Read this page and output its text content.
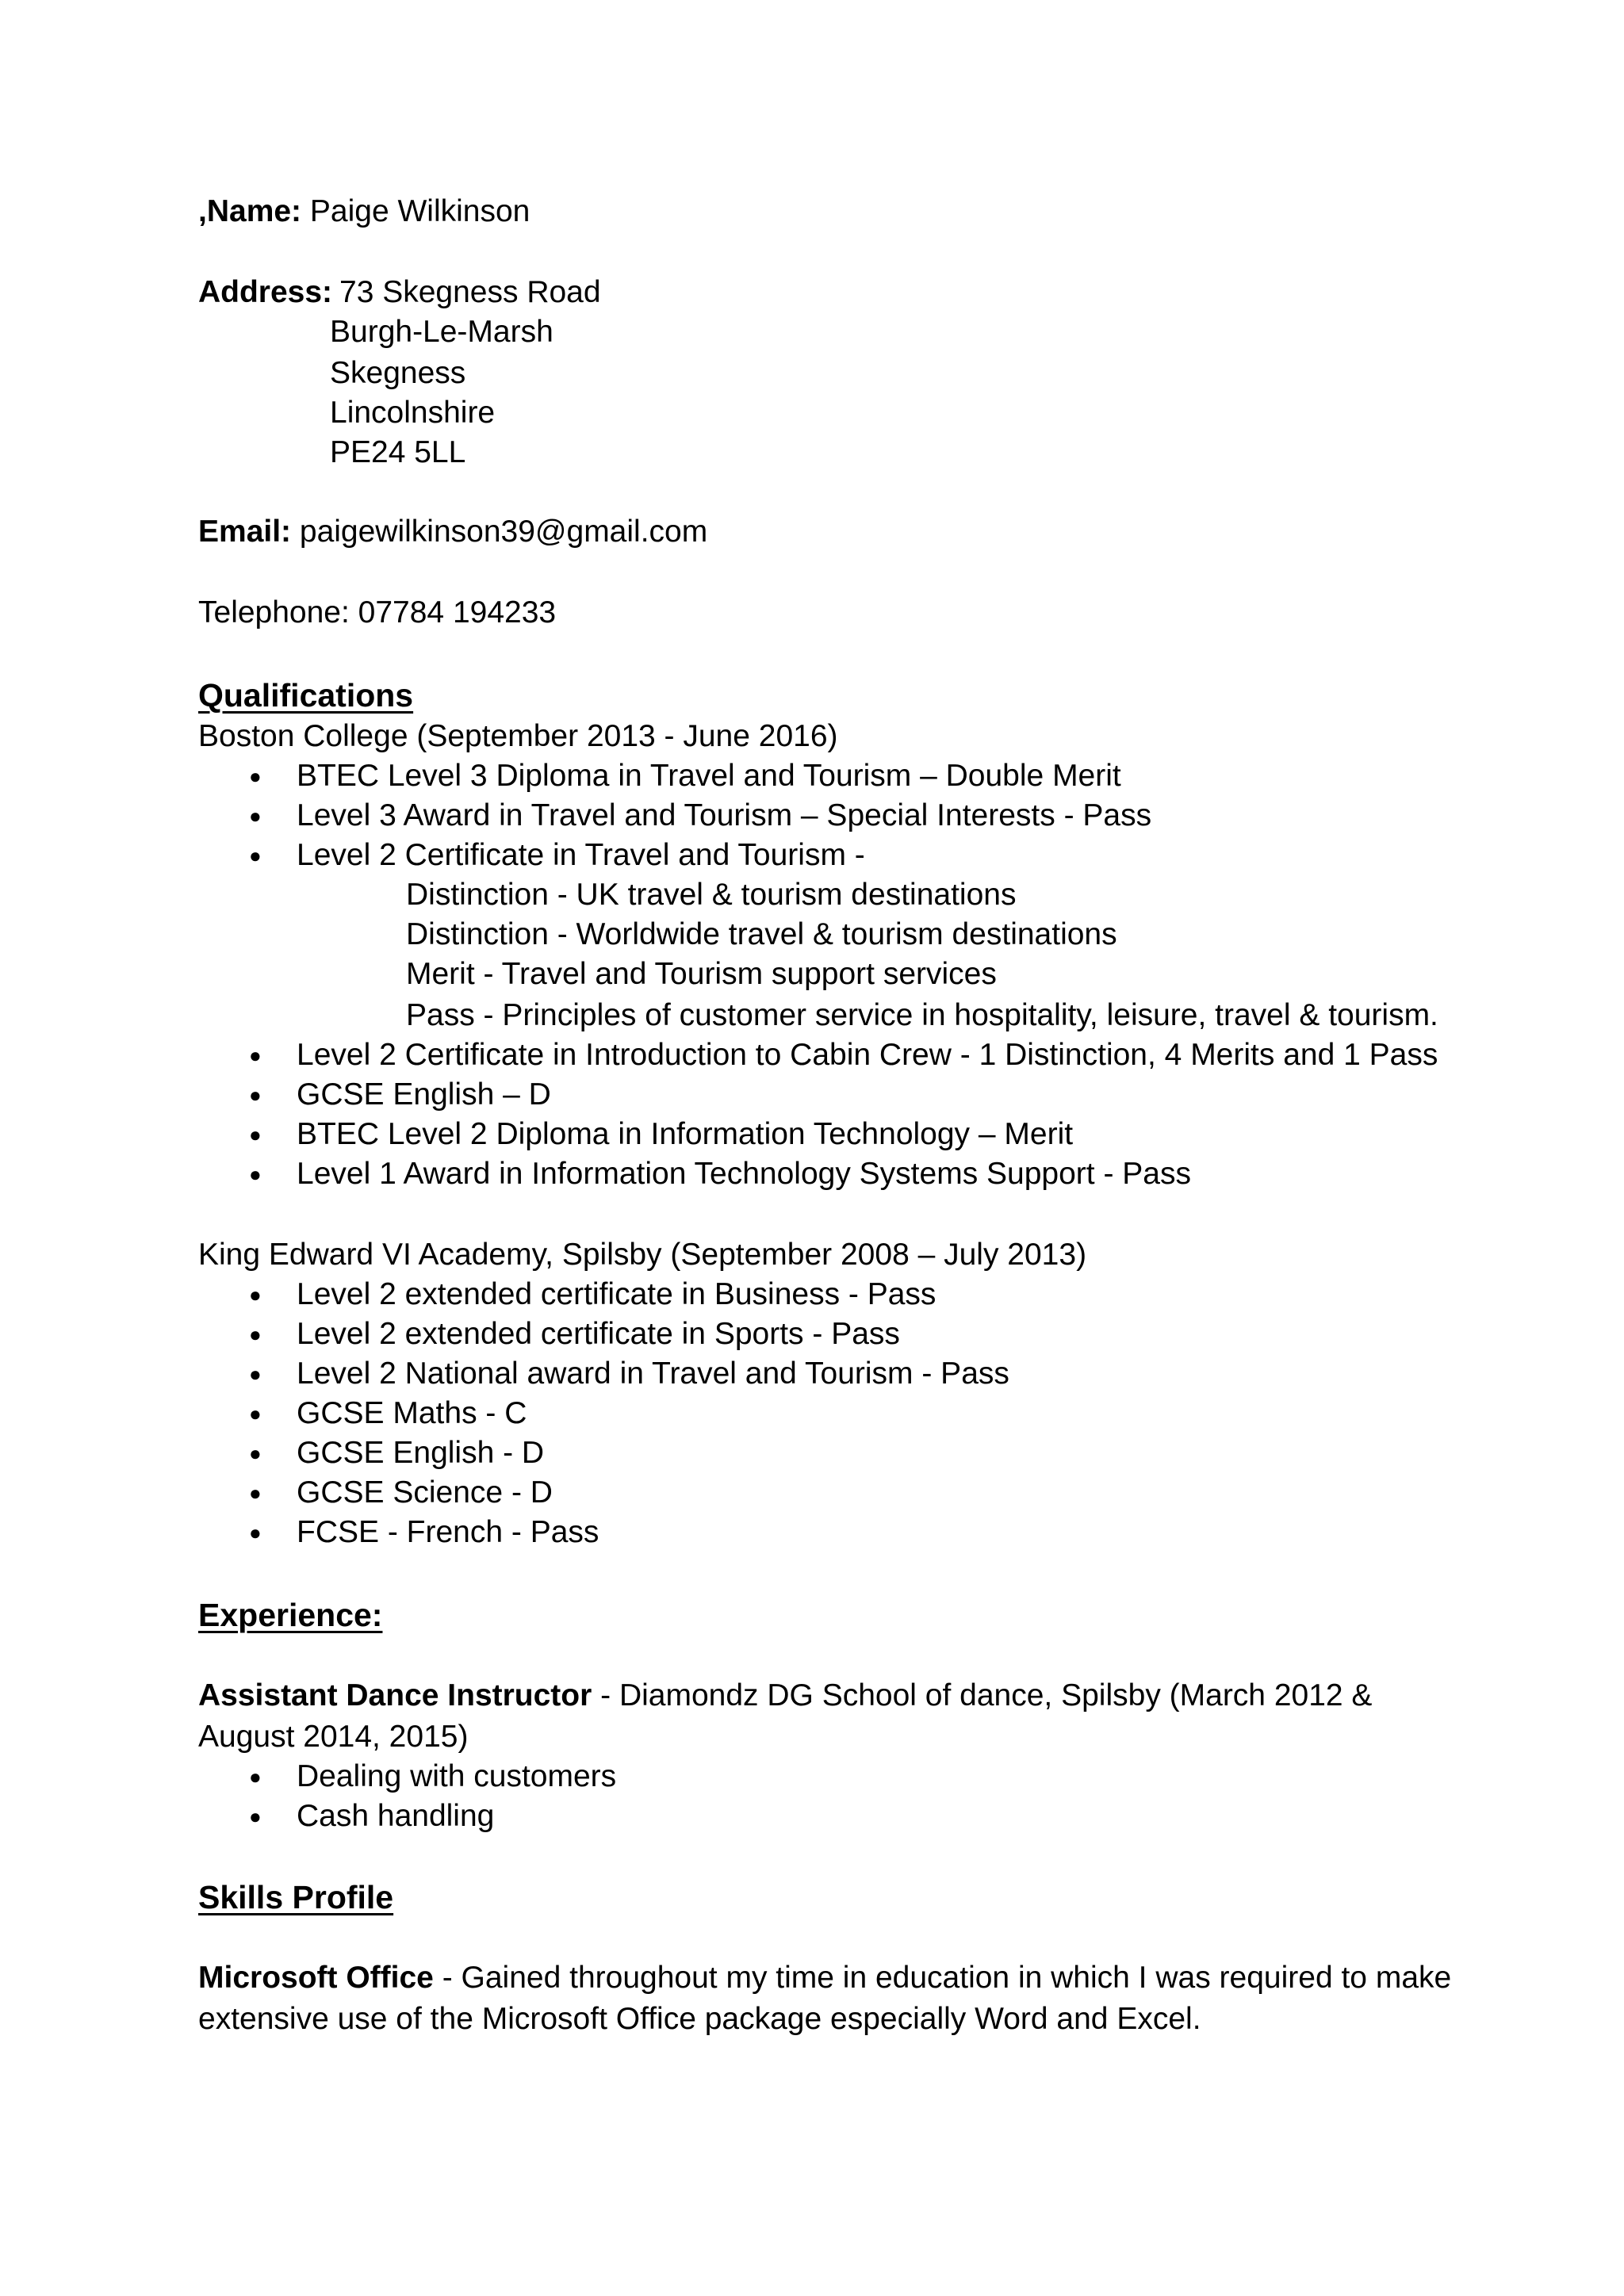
,Name: Paige Wilkinson
Address: 73 Skegness Road
Burgh-Le-Marsh
Skegness
Lincolnshire
PE24 5LL
Email: paigewilkinson39@gmail.com
Telephone: 07784 194233
Qualifications
Boston College (September 2013 - June 2016)
● BTEC Level 3 Diploma in Travel and Tourism – Double Merit
● Level 3 Award in Travel and Tourism – Special Interests - Pass
● Level 2 Certificate in Travel and Tourism -
Distinction - UK travel & tourism destinations
Distinction - Worldwide travel & tourism destinations
Merit - Travel and Tourism support services
Pass - Principles of customer service in hospitality, leisure, travel & tourism.
● Level 2 Certificate in Introduction to Cabin Crew - 1 Distinction, 4 Merits and 1 Pass
● GCSE English – D
● BTEC Level 2 Diploma in Information Technology – Merit
● Level 1 Award in Information Technology Systems Support - Pass
King Edward VI Academy, Spilsby (September 2008 – July 2013)
● Level 2 extended certificate in Business - Pass
● Level 2 extended certificate in Sports - Pass
● Level 2 National award in Travel and Tourism - Pass
● GCSE Maths - C
● GCSE English - D
● GCSE Science - D
● FCSE - French - Pass
Experience:
Assistant Dance Instructor - Diamondz DG School of dance, Spilsby (March 2012 &
August 2014, 2015)
● Dealing with customers
● Cash handling
Skills Profile
Microsoft Office - Gained throughout my time in education in which I was required to make
extensive use of the Microsoft Office package especially Word and Excel.
